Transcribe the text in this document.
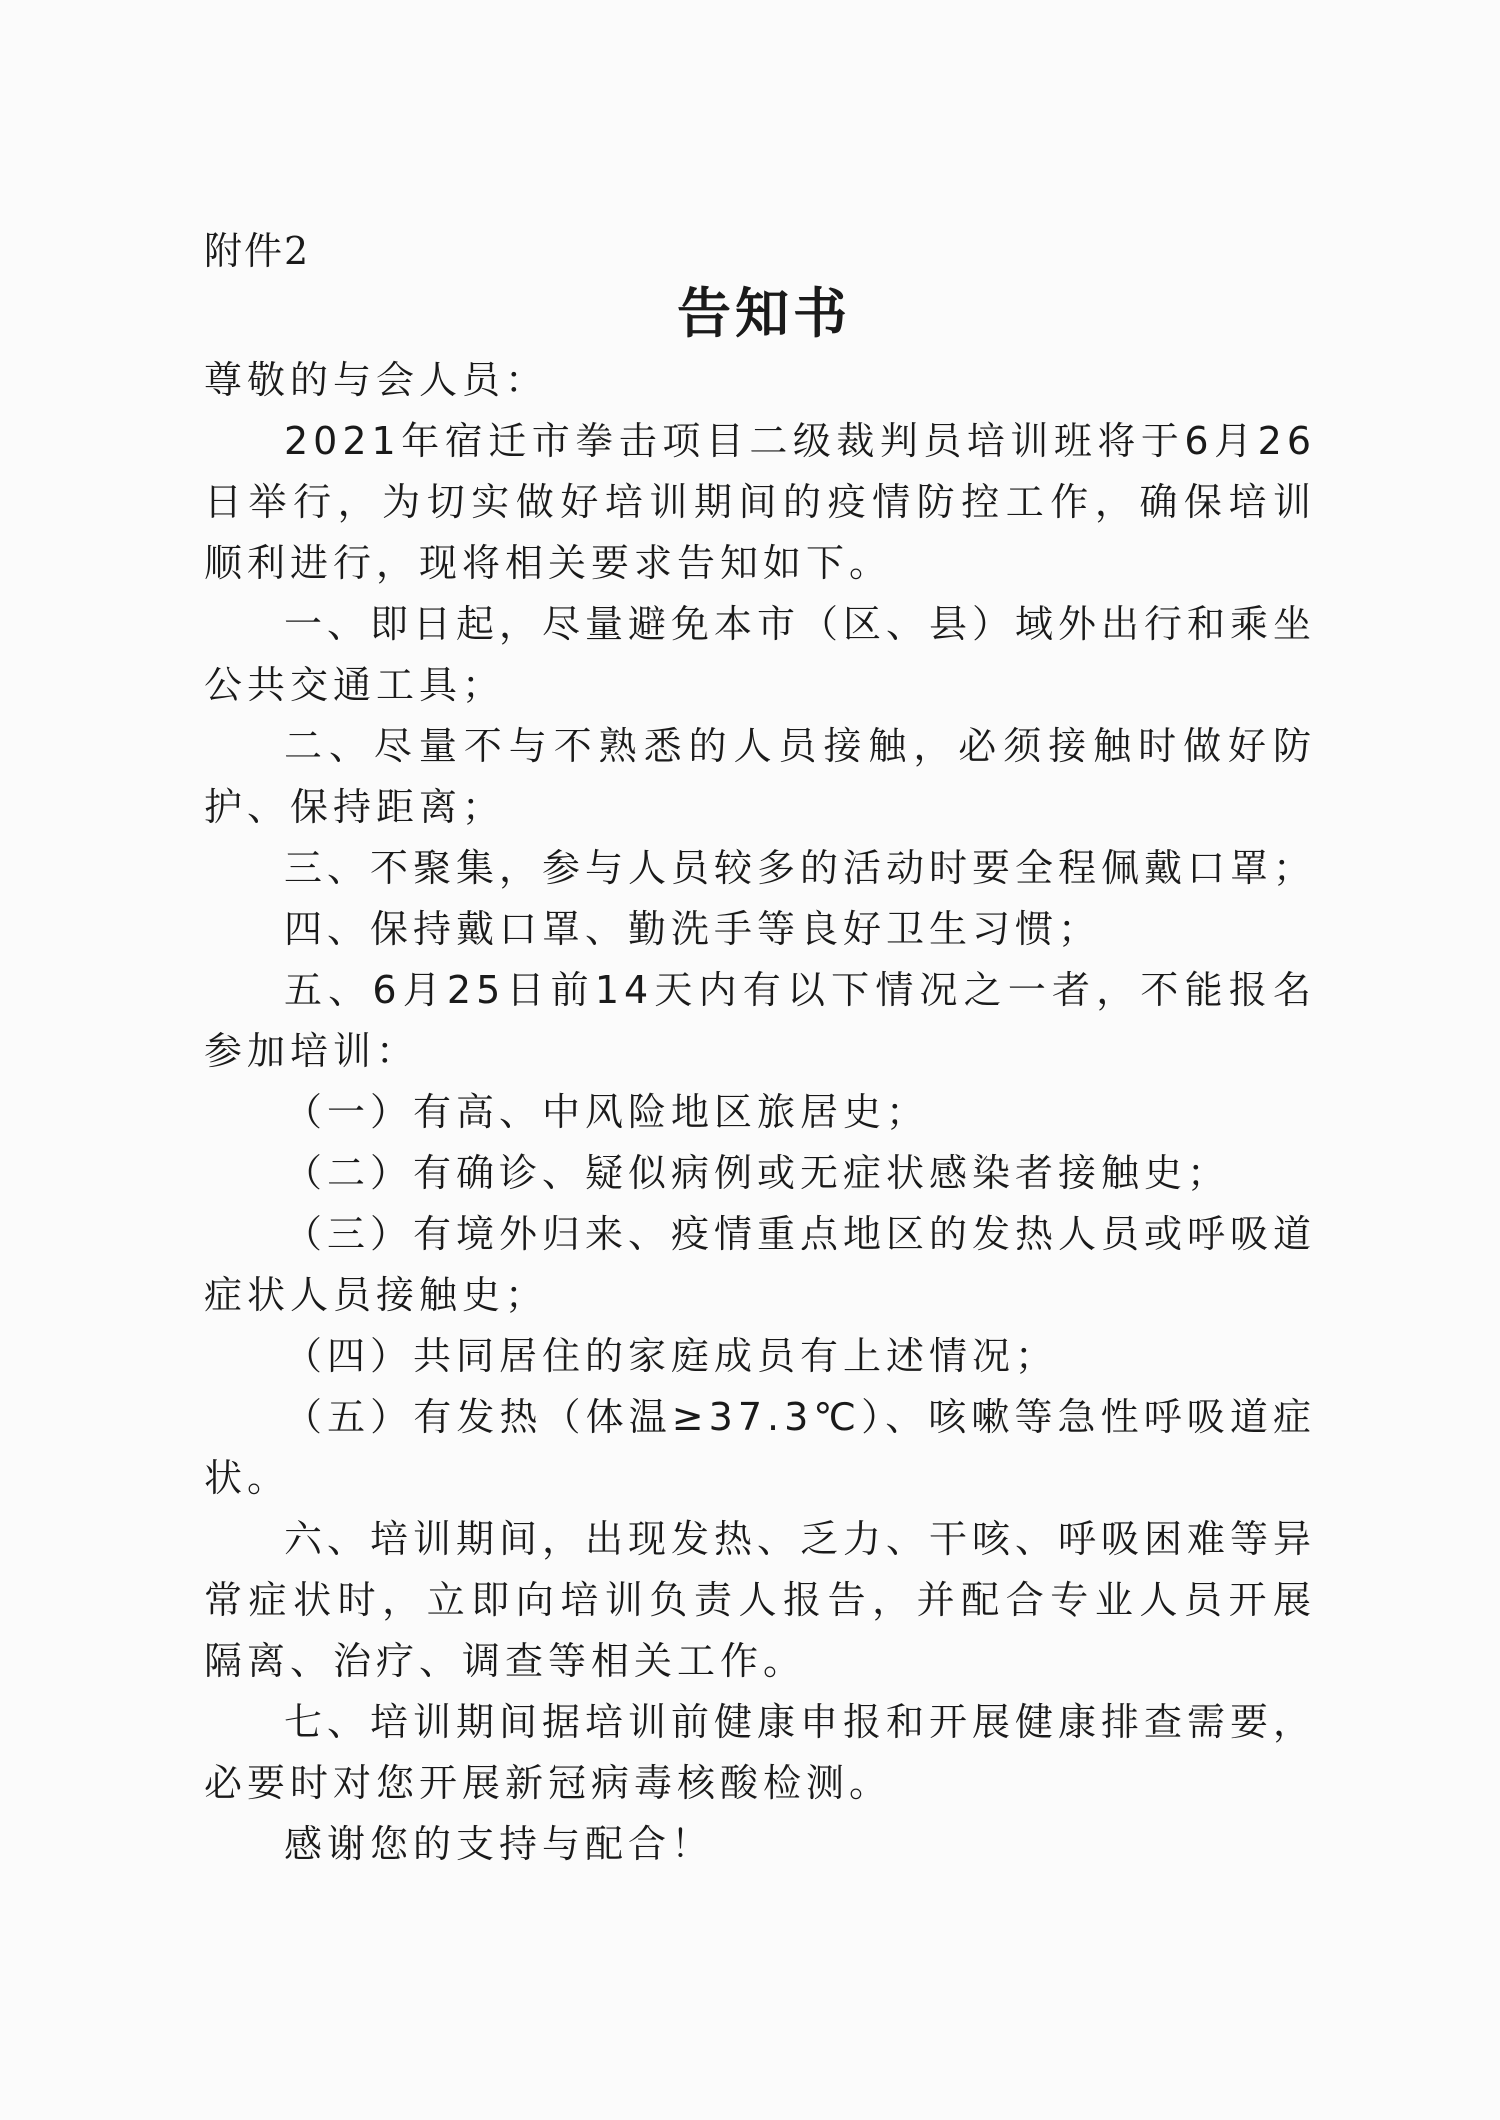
附件2
告知书

尊敬的与会人员：

2021年宿迁市拳击项目二级裁判员培训班将于6月26日举行，为切实做好培训期间的疫情防控工作，确保培训顺利进行，现将相关要求告知如下。

一、即日起，尽量避免本市（区、县）域外出行和乘坐公共交通工具；

二、尽量不与不熟悉的人员接触，必须接触时做好防护、保持距离；

三、不聚集，参与人员较多的活动时要全程佩戴口罩；

四、保持戴口罩、勤洗手等良好卫生习惯；

五、6月25日前14天内有以下情况之一者，不能报名参加培训：

（一）有高、中风险地区旅居史；

（二）有确诊、疑似病例或无症状感染者接触史；

（三）有境外归来、疫情重点地区的发热人员或呼吸道症状人员接触史；

（四）共同居住的家庭成员有上述情况；

（五）有发热（体温≥37.3℃）、咳嗽等急性呼吸道症状。

六、培训期间，出现发热、乏力、干咳、呼吸困难等异常症状时，立即向培训负责人报告，并配合专业人员开展隔离、治疗、调查等相关工作。

七、培训期间据培训前健康申报和开展健康排查需要，必要时对您开展新冠病毒核酸检测。

感谢您的支持与配合！
